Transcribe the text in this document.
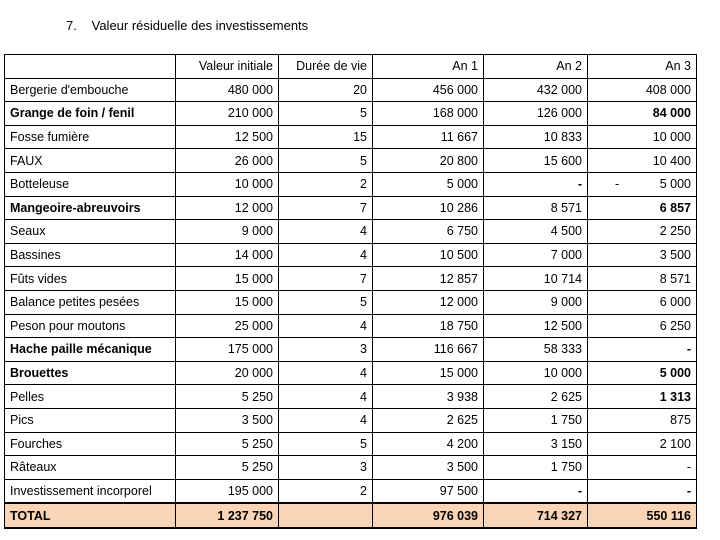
7. Valeur résiduelle des investissements
	Valeur initiale	Durée de vie	An 1	An 2	An 3
Bergerie d'embouche	480 000	20	456 000	432 000	408 000
Grange de foin / fenil	210 000	5	168 000	126 000	84 000
Fosse fumière	12 500	15	11 667	10 833	10 000
FAUX	26 000	5	20 800	15 600	10 400
Botteleuse	10 000	2	5 000	-	- 5 000
Mangeoire-abreuvoirs	12 000	7	10 286	8 571	6 857
Seaux	9 000	4	6 750	4 500	2 250
Bassines	14 000	4	10 500	7 000	3 500
Fûts vides	15 000	7	12 857	10 714	8 571
Balance petites pesées	15 000	5	12 000	9 000	6 000
Peson pour moutons	25 000	4	18 750	12 500	6 250
Hache paille mécanique	175 000	3	116 667	58 333	-
Brouettes	20 000	4	15 000	10 000	5 000
Pelles	5 250	4	3 938	2 625	1 313
Pics	3 500	4	2 625	1 750	875
Fourches	5 250	5	4 200	3 150	2 100
Râteaux	5 250	3	3 500	1 750	-
Investissement incorporel	195 000	2	97 500	-	-
TOTAL	1 237 750		976 039	714 327	550 116
